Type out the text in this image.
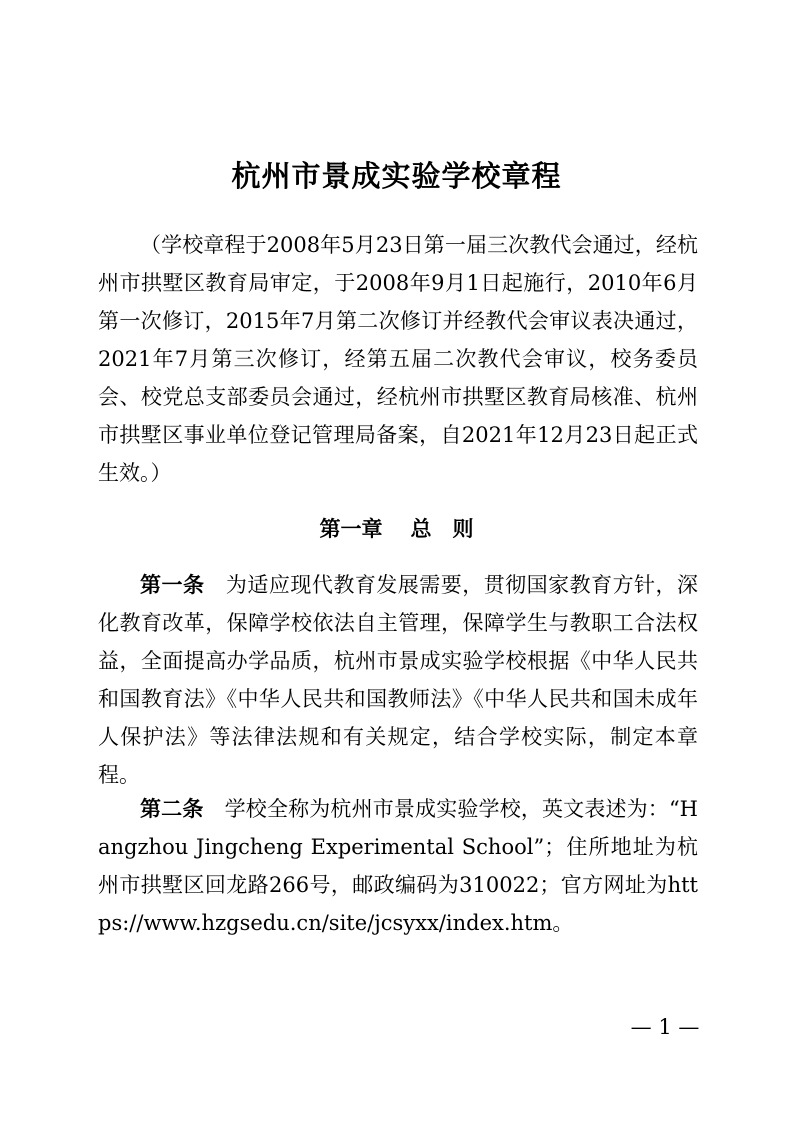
杭州市景成实验学校章程

（学校章程于2008年5月23日第一届三次教代会通过，经杭州市拱墅区教育局审定，于2008年9月1日起施行，2010年6月第一次修订，2015年7月第二次修订并经教代会审议表决通过，2021年7月第三次修订，经第五届二次教代会审议，校务委员会、校党总支部委员会通过，经杭州市拱墅区教育局核准、杭州市拱墅区事业单位登记管理局备案，自2021年12月23日起正式生效。）

第一章 总　则

第一条 为适应现代教育发展需要，贯彻国家教育方针，深化教育改革，保障学校依法自主管理，保障学生与教职工合法权益，全面提高办学品质，杭州市景成实验学校根据《中华人民共和国教育法》《中华人民共和国教师法》《中华人民共和国未成年人保护法》等法律法规和有关规定，结合学校实际，制定本章程。

第二条 学校全称为杭州市景成实验学校，英文表述为：“Hangzhou Jingcheng Experimental School”；住所地址为杭州市拱墅区回龙路266号，邮政编码为310022；官方网址为https://www.hzgsedu.cn/site/jcsyxx/index.htm。

— 1 —
